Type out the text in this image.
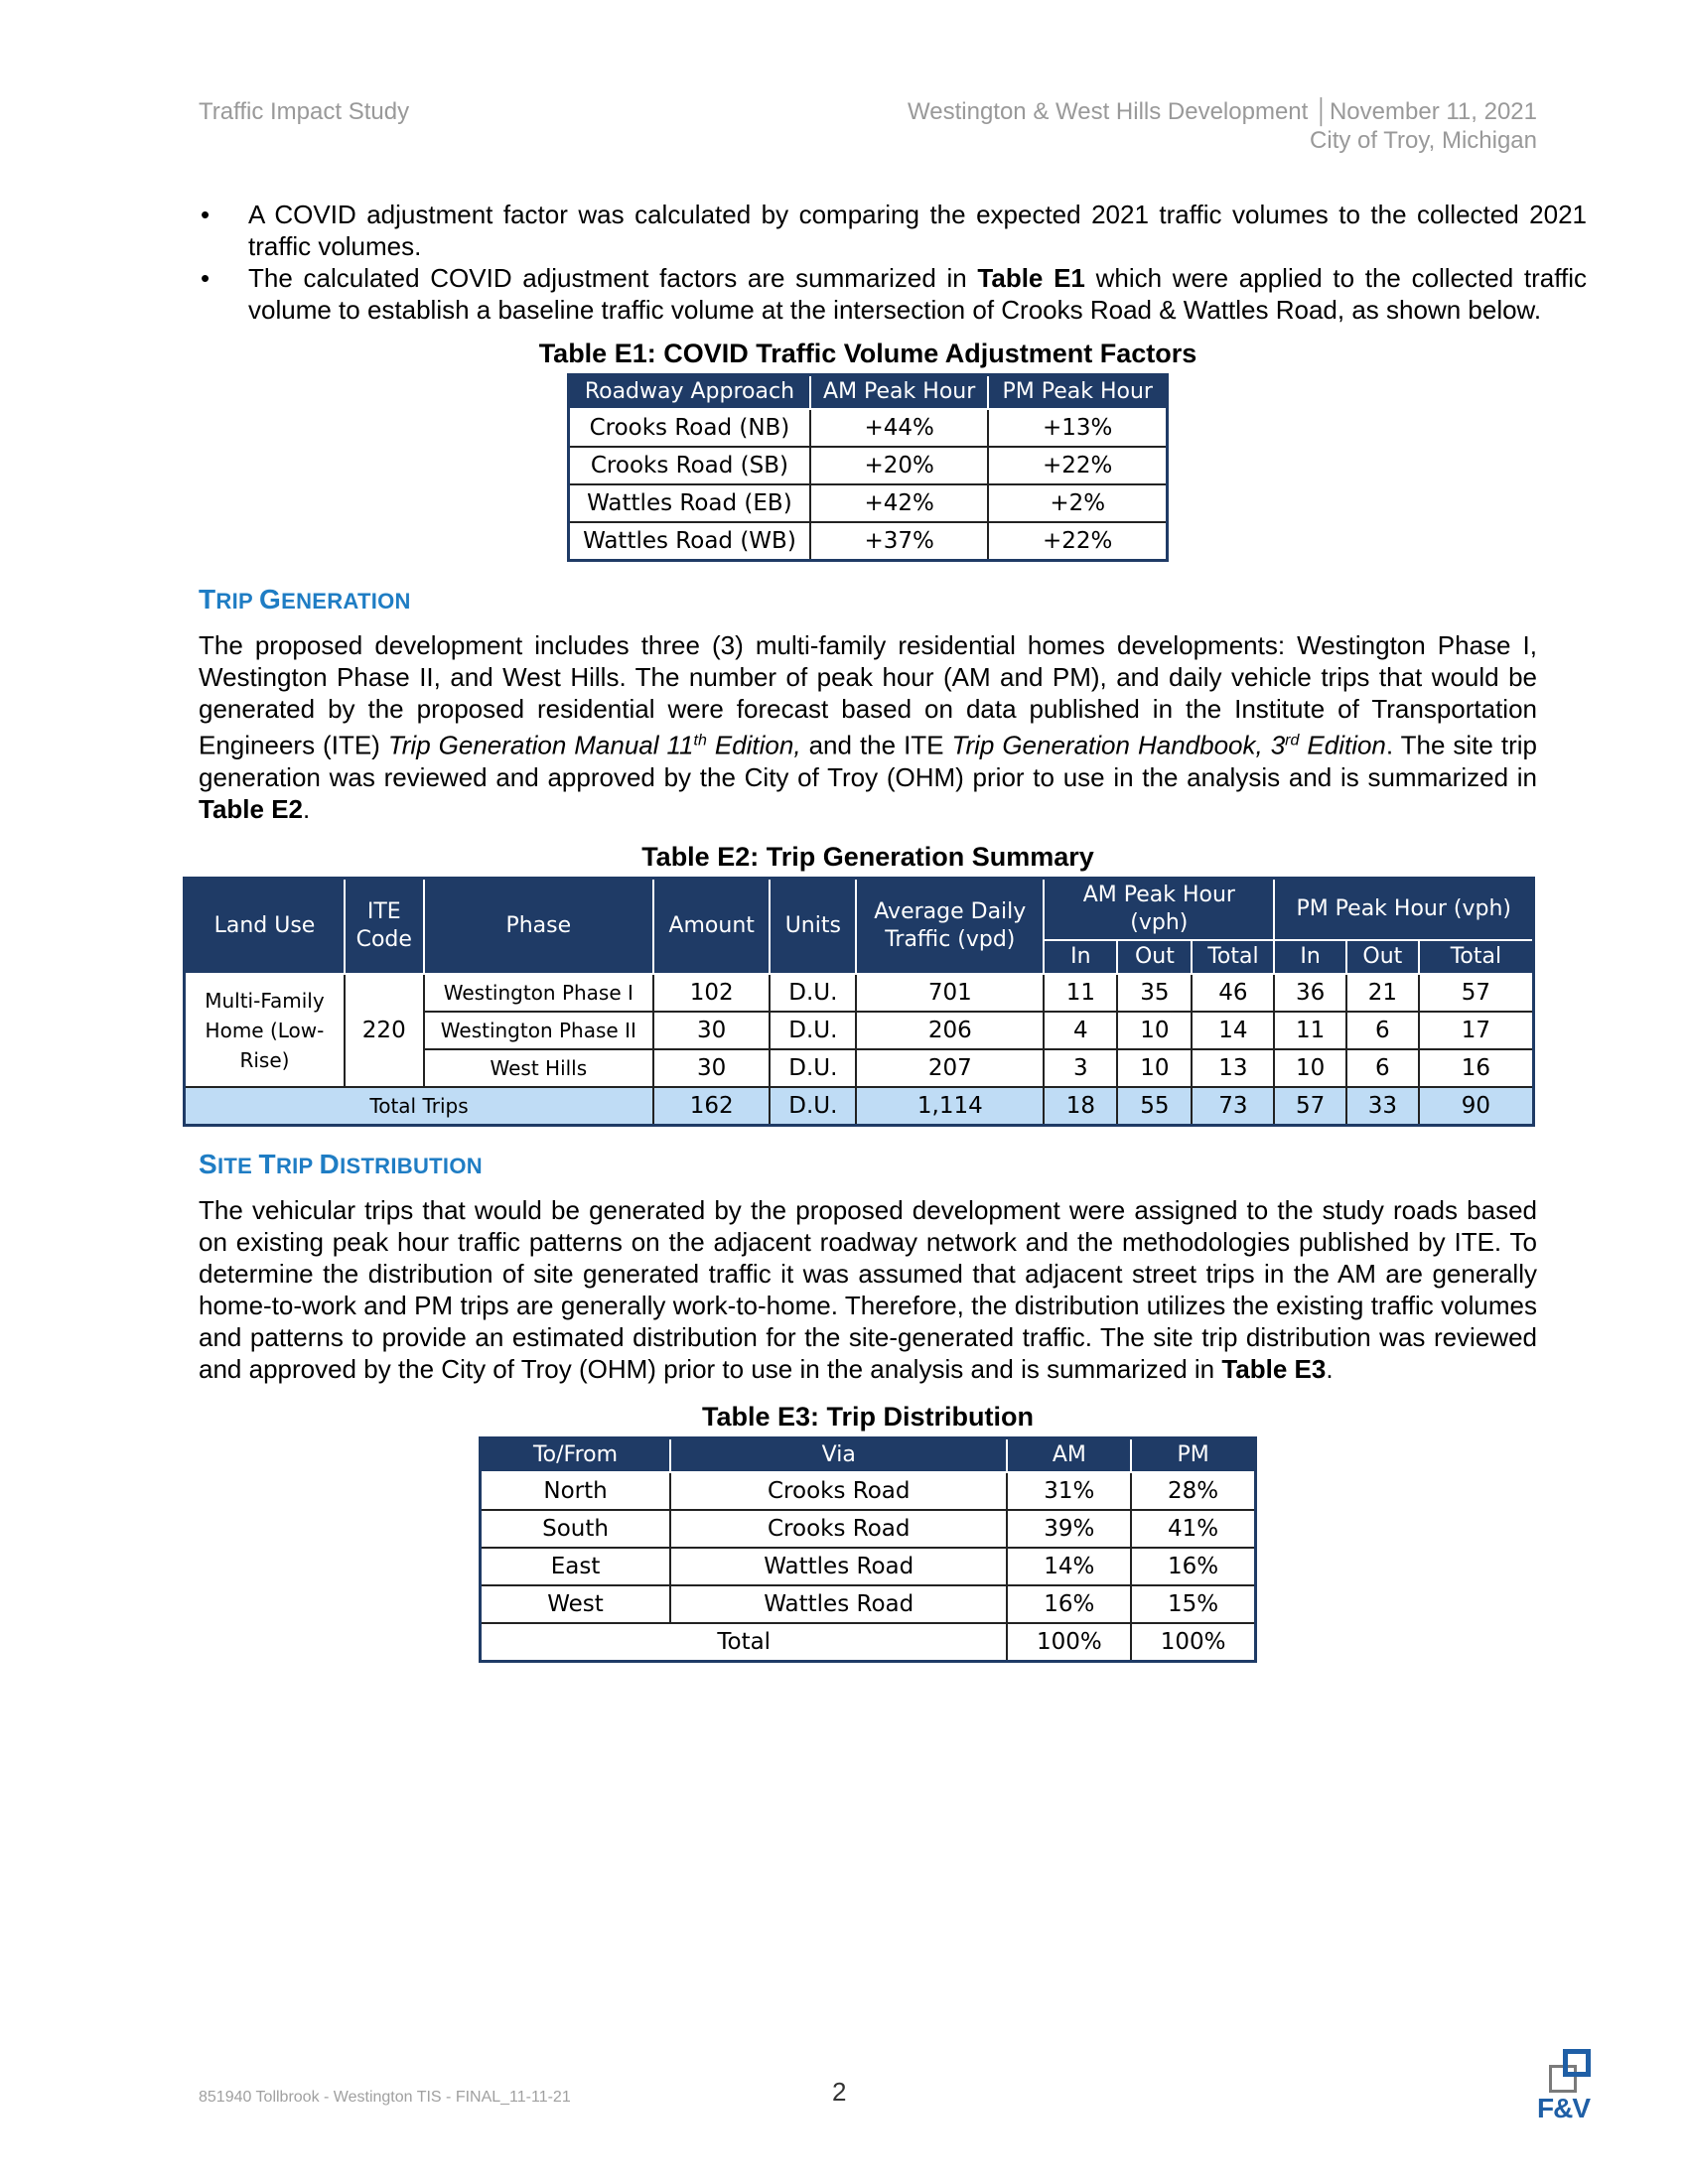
Traffic Impact Study	Westington & West Hills Development │November 11, 2021
City of Troy, Michigan
• A COVID adjustment factor was calculated by comparing the expected 2021 traffic volumes to the collected 2021 traffic volumes.
• The calculated COVID adjustment factors are summarized in Table E1 which were applied to the collected traffic volume to establish a baseline traffic volume at the intersection of Crooks Road & Wattles Road, as shown below.
Table E1: COVID Traffic Volume Adjustment Factors
Roadway Approach	AM Peak Hour	PM Peak Hour
Crooks Road (NB)	+44%	+13%
Crooks Road (SB)	+20%	+22%
Wattles Road (EB)	+42%	+2%
Wattles Road (WB)	+37%	+22%
TRIP GENERATION

The proposed development includes three (3) multi-family residential homes developments: Westington Phase I, Westington Phase II, and West Hills. The number of peak hour (AM and PM), and daily vehicle trips that would be generated by the proposed residential were forecast based on data published in the Institute of Transportation Engineers (ITE) Trip Generation Manual 11th Edition, and the ITE Trip Generation Handbook, 3rd Edition. The site trip generation was reviewed and approved by the City of Troy (OHM) prior to use in the analysis and is summarized in Table E2.

Table E2: Trip Generation Summary
Land Use	ITE Code	Phase	Amount	Units	Average Daily Traffic (vpd)	AM Peak Hour (vph)			PM Peak Hour (vph)		
						In	Out	Total	In	Out	Total
Multi-Family Home (Low-Rise)	220	Westington Phase I	102	D.U.	701	11	35	46	36	21	57
		Westington Phase II	30	D.U.	206	4	10	14	11	6	17
		West Hills	30	D.U.	207	3	10	13	10	6	16
Total Trips			162	D.U.	1,114	18	55	73	57	33	90
SITE TRIP DISTRIBUTION

The vehicular trips that would be generated by the proposed development were assigned to the study roads based on existing peak hour traffic patterns on the adjacent roadway network and the methodologies published by ITE. To determine the distribution of site generated traffic it was assumed that adjacent street trips in the AM are generally home-to-work and PM trips are generally work-to-home. Therefore, the distribution utilizes the existing traffic volumes and patterns to provide an estimated distribution for the site-generated traffic. The site trip distribution was reviewed and approved by the City of Troy (OHM) prior to use in the analysis and is summarized in Table E3.

Table E3: Trip Distribution
To/From	Via	AM	PM
North	Crooks Road	31%	28%
South	Crooks Road	39%	41%
East	Wattles Road	14%	16%
West	Wattles Road	16%	15%
Total		100%	100%
851940 Tollbrook - Westington TIS - FINAL_11-11-21	2
F&V
